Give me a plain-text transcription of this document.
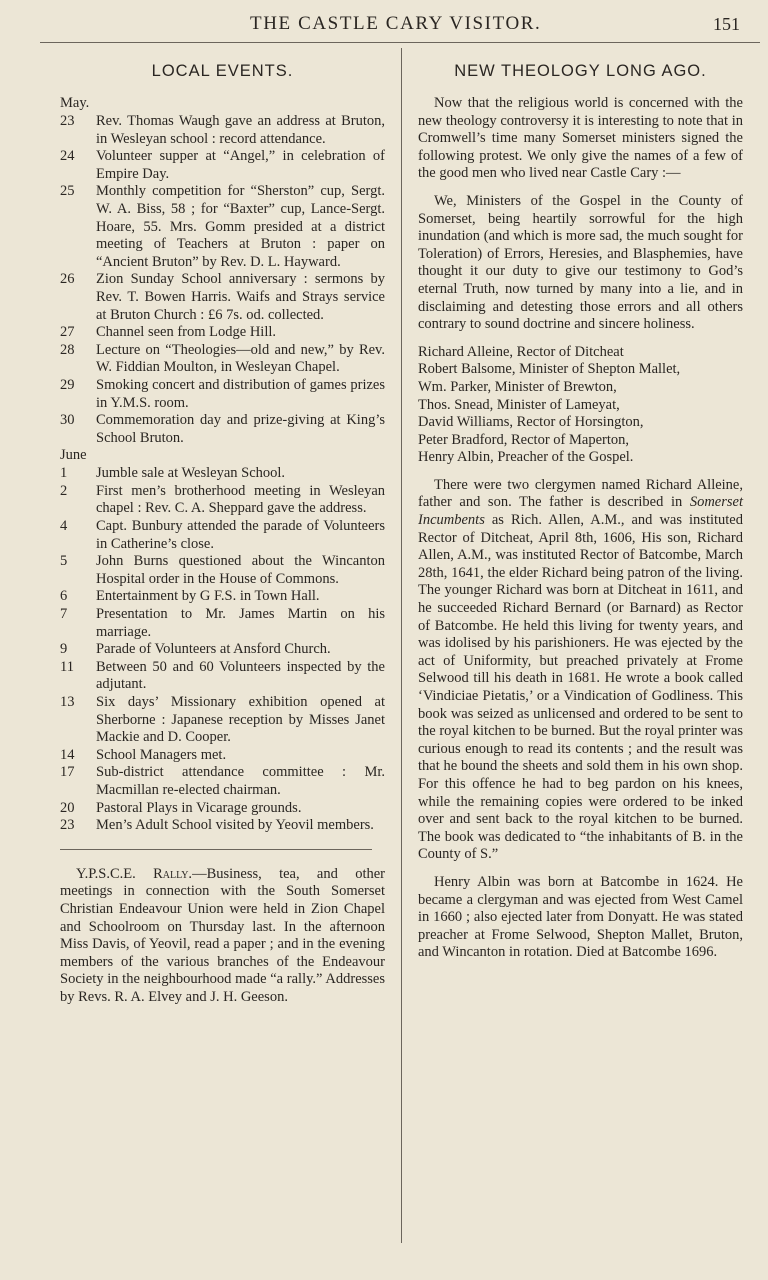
THE CASTLE CARY VISITOR.	151
LOCAL EVENTS.
May.
23	Rev. Thomas Waugh gave an address at Bruton, in Wesleyan school : record attendance.
24	Volunteer supper at “Angel,” in celebration of Empire Day.
25	Monthly competition for “Sherston” cup, Sergt. W. A. Biss, 58 ; for “Baxter” cup, Lance-Sergt. Hoare, 55. Mrs. Gomm presided at a district meeting of Teachers at Bruton : paper on “Ancient Bruton” by Rev. D. L. Hayward.
26	Zion Sunday School anniversary : sermons by Rev. T. Bowen Harris. Waifs and Strays service at Bruton Church : £6 7s. od. collected.
27	Channel seen from Lodge Hill.
28	Lecture on “Theologies—old and new,” by Rev. W. Fiddian Moulton, in Wesleyan Chapel.
29	Smoking concert and distribution of games prizes in Y.M.S. room.
30	Commemoration day and prize-giving at King’s School Bruton.
June
1	Jumble sale at Wesleyan School.
2	First men’s brotherhood meeting in Wesleyan chapel : Rev. C. A. Sheppard gave the address.
4	Capt. Bunbury attended the parade of Volunteers in Catherine’s close.
5	John Burns questioned about the Wincanton Hospital order in the House of Commons.
6	Entertainment by G F.S. in Town Hall.
7	Presentation to Mr. James Martin on his marriage.
9	Parade of Volunteers at Ansford Church.
11	Between 50 and 60 Volunteers inspected by the adjutant.
13	Six days’ Missionary exhibition opened at Sherborne : Japanese reception by Misses Janet Mackie and D. Cooper.
14	School Managers met.
17	Sub-district attendance committee : Mr. Macmillan re-elected chairman.
20	Pastoral Plays in Vicarage grounds.
23	Men’s Adult School visited by Yeovil members.

Y.P.S.C.E. Rally.—Business, tea, and other meetings in connection with the South Somerset Christian Endeavour Union were held in Zion Chapel and Schoolroom on Thursday last. In the afternoon Miss Davis, of Yeovil, read a paper ; and in the evening members of the various branches of the Endeavour Society in the neighbourhood made “a rally.” Addresses by Revs. R. A. Elvey and J. H. Geeson.

NEW THEOLOGY LONG AGO.

Now that the religious world is concerned with the new theology controversy it is interesting to note that in Cromwell’s time many Somerset ministers signed the following protest. We only give the names of a few of the good men who lived near Castle Cary :—

We, Ministers of the Gospel in the County of Somerset, being heartily sorrowful for the high inundation (and which is more sad, the much sought for Toleration) of Errors, Heresies, and Blasphemies, have thought it our duty to give our testimony to God’s eternal Truth, now turned by many into a lie, and in disclaiming and detesting those errors and all others contrary to sound doctrine and sincere holiness.

Richard Alleine, Rector of Ditcheat
Robert Balsome, Minister of Shepton Mallet,
Wm. Parker, Minister of Brewton,
Thos. Snead, Minister of Lameyat,
David Williams, Rector of Horsington,
Peter Bradford, Rector of Maperton,
Henry Albin, Preacher of the Gospel.

There were two clergymen named Richard Alleine, father and son. The father is described in Somerset Incumbents as Rich. Allen, A.M., and was instituted Rector of Ditcheat, April 8th, 1606, His son, Richard Allen, A.M., was instituted Rector of Batcombe, March 28th, 1641, the elder Richard being patron of the living. The younger Richard was born at Ditcheat in 1611, and he succeeded Richard Bernard (or Barnard) as Rector of Batcombe. He held this living for twenty years, and was idolised by his parishioners. He was ejected by the act of Uniformity, but preached privately at Frome Selwood till his death in 1681. He wrote a book called ‘Vindiciae Pietatis,’ or a Vindication of Godliness. This book was seized as unlicensed and ordered to be sent to the royal kitchen to be burned. But the royal printer was curious enough to read its contents ; and the result was that he bound the sheets and sold them in his own shop. For this offence he had to beg pardon on his knees, while the remaining copies were ordered to be inked over and sent back to the royal kitchen to be burned. The book was dedicated to “the inhabitants of B. in the County of S.”

Henry Albin was born at Batcombe in 1624. He became a clergyman and was ejected from West Camel in 1660 ; also ejected later from Donyatt. He was stated preacher at Frome Selwood, Shepton Mallet, Bruton, and Wincanton in rotation. Died at Batcombe 1696.
